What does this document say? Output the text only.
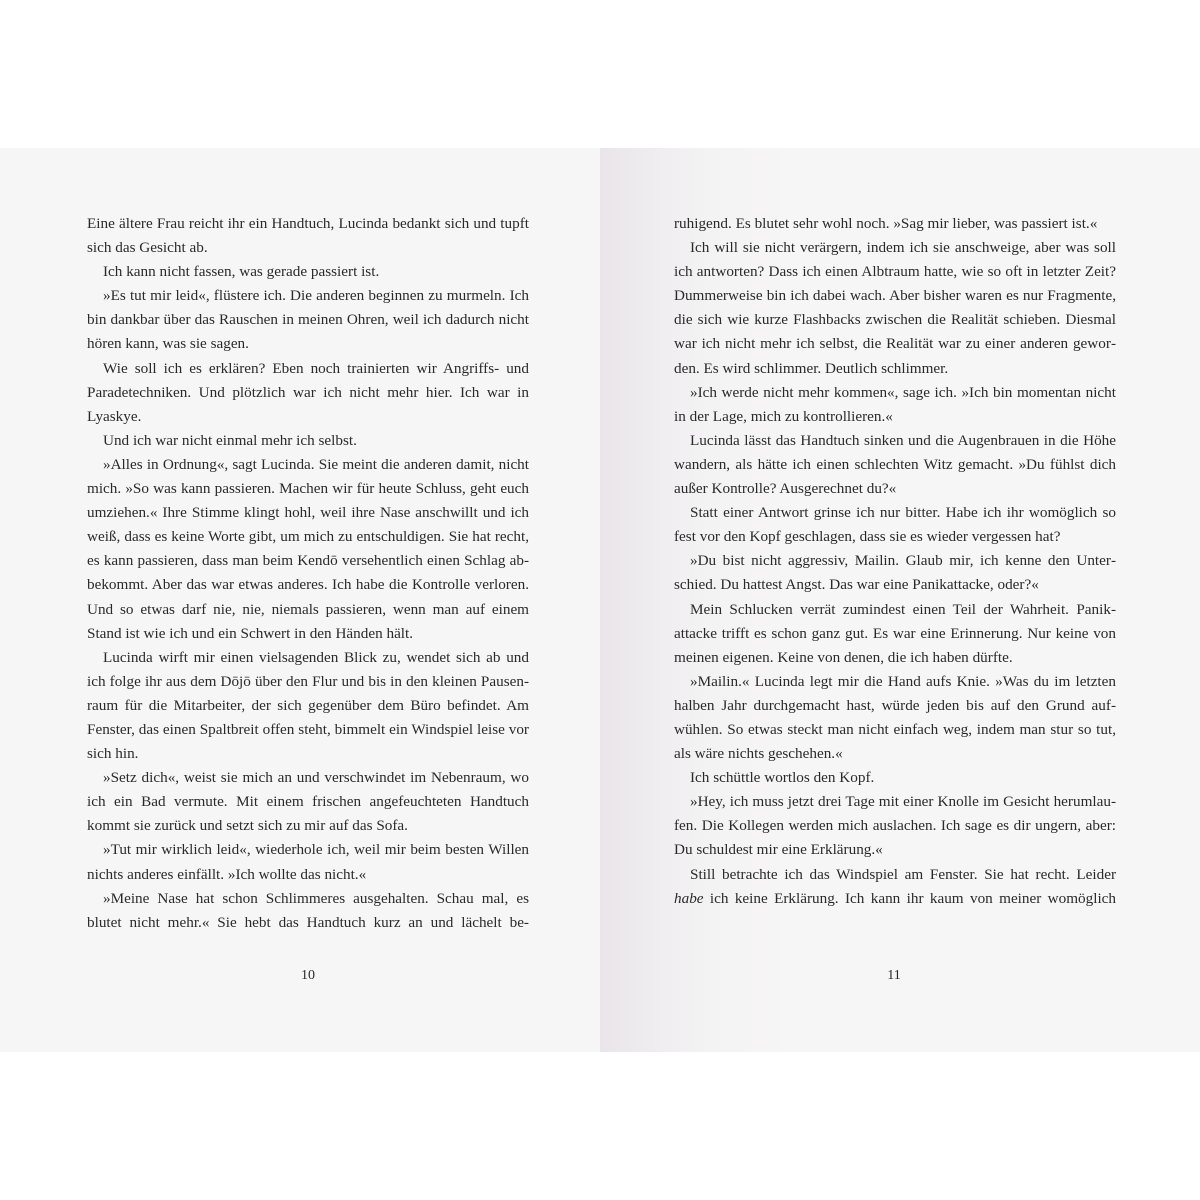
Eine ältere Frau reicht ihr ein Handtuch, Lucinda bedankt sich und tupft sich das Gesicht ab.

Ich kann nicht fassen, was gerade passiert ist.

»Es tut mir leid«, flüstere ich. Die anderen beginnen zu murmeln. Ich bin dankbar über das Rauschen in meinen Ohren, weil ich dadurch nicht hören kann, was sie sagen.

Wie soll ich es erklären? Eben noch trainierten wir Angriffs- und Paradetechniken. Und plötzlich war ich nicht mehr hier. Ich war in Lyaskye.

Und ich war nicht einmal mehr ich selbst.

»Alles in Ordnung«, sagt Lucinda. Sie meint die anderen damit, nicht mich. »So was kann passieren. Machen wir für heute Schluss, geht euch umziehen.« Ihre Stimme klingt hohl, weil ihre Nase anschwillt und ich weiß, dass es keine Worte gibt, um mich zu entschuldigen. Sie hat recht, es kann passieren, dass man beim Kendō versehentlich einen Schlag abbekommt. Aber das war etwas anderes. Ich habe die Kontrolle verloren. Und so etwas darf nie, nie, niemals passieren, wenn man auf einem Stand ist wie ich und ein Schwert in den Händen hält.

Lucinda wirft mir einen vielsagenden Blick zu, wendet sich ab und ich folge ihr aus dem Dōjō über den Flur und bis in den kleinen Pausenraum für die Mitarbeiter, der sich gegenüber dem Büro befindet. Am Fenster, das einen Spaltbreit offen steht, bimmelt ein Windspiel leise vor sich hin.

»Setz dich«, weist sie mich an und verschwindet im Nebenraum, wo ich ein Bad vermute. Mit einem frischen angefeuchteten Handtuch kommt sie zurück und setzt sich zu mir auf das Sofa.

»Tut mir wirklich leid«, wiederhole ich, weil mir beim besten Willen nichts anderes einfällt. »Ich wollte das nicht.«

»Meine Nase hat schon Schlimmeres ausgehalten. Schau mal, es blutet nicht mehr.« Sie hebt das Handtuch kurz an und lächelt be-

10

ruhigend. Es blutet sehr wohl noch. »Sag mir lieber, was passiert ist.«

Ich will sie nicht verärgern, indem ich sie anschweige, aber was soll ich antworten? Dass ich einen Albtraum hatte, wie so oft in letzter Zeit? Dummerweise bin ich dabei wach. Aber bisher waren es nur Fragmente, die sich wie kurze Flashbacks zwischen die Realität schieben. Diesmal war ich nicht mehr ich selbst, die Realität war zu einer anderen geworden. Es wird schlimmer. Deutlich schlimmer.

»Ich werde nicht mehr kommen«, sage ich. »Ich bin momentan nicht in der Lage, mich zu kontrollieren.«

Lucinda lässt das Handtuch sinken und die Augenbrauen in die Höhe wandern, als hätte ich einen schlechten Witz gemacht. »Du fühlst dich außer Kontrolle? Ausgerechnet du?«

Statt einer Antwort grinse ich nur bitter. Habe ich ihr womöglich so fest vor den Kopf geschlagen, dass sie es wieder vergessen hat?

»Du bist nicht aggressiv, Mailin. Glaub mir, ich kenne den Unterschied. Du hattest Angst. Das war eine Panikattacke, oder?«

Mein Schlucken verrät zumindest einen Teil der Wahrheit. Panikattacke trifft es schon ganz gut. Es war eine Erinnerung. Nur keine von meinen eigenen. Keine von denen, die ich haben dürfte.

»Mailin.« Lucinda legt mir die Hand aufs Knie. »Was du im letzten halben Jahr durchgemacht hast, würde jeden bis auf den Grund aufwühlen. So etwas steckt man nicht einfach weg, indem man stur so tut, als wäre nichts geschehen.«

Ich schüttle wortlos den Kopf.

»Hey, ich muss jetzt drei Tage mit einer Knolle im Gesicht herumlaufen. Die Kollegen werden mich auslachen. Ich sage es dir ungern, aber: Du schuldest mir eine Erklärung.«

Still betrachte ich das Windspiel am Fenster. Sie hat recht. Leider habe ich keine Erklärung. Ich kann ihr kaum von meiner womöglich

11
